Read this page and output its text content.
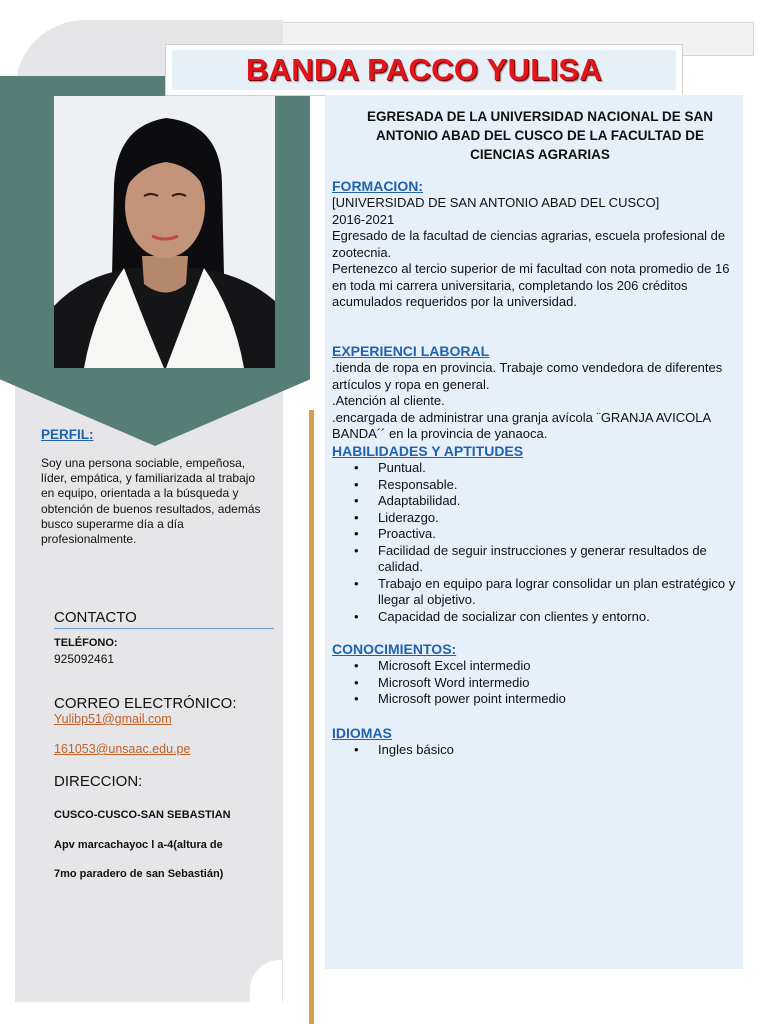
BANDA PACCO YULISA
EGRESADA DE LA UNIVERSIDAD NACIONAL DE SAN ANTONIO ABAD DEL CUSCO DE LA FACULTAD DE CIENCIAS AGRARIAS
FORMACION:

[UNIVERSIDAD DE SAN ANTONIO ABAD DEL CUSCO]

2016-2021

Egresado de la facultad de ciencias agrarias, escuela profesional de zootecnia.

Pertenezco al tercio superior de mi facultad con nota promedio de 16 en toda mi carrera universitaria, completando los 206 créditos acumulados requeridos por la universidad.

EXPERIENCI LABORAL

.tienda de ropa en provincia. Trabaje como vendedora de diferentes artículos y ropa en general.

.Atención al cliente.

.encargada de administrar una granja avícola ¨GRANJA AVICOLA BANDA´´ en la provincia de yanaoca.

HABILIDADES Y APTITUDES
• Puntual.
• Responsable.
• Adaptabilidad.
• Liderazgo.
• Proactiva.
• Facilidad de seguir instrucciones y generar resultados de calidad.
• Trabajo en equipo para lograr consolidar un plan estratégico y llegar al objetivo.
• Capacidad de socializar con clientes y entorno.
CONOCIMIENTOS:
• Microsoft Excel intermedio
• Microsoft Word intermedio
• Microsoft power point intermedio
IDIOMAS
• Ingles básico
PERFIL:

Soy una persona sociable, empeñosa, líder, empática, y familiarizada al trabajo en equipo, orientada a la búsqueda y obtención de buenos resultados, además busco superarme día a día profesionalmente.

CONTACTO
TELÉFONO:
925092461
CORREO ELECTRÓNICO:
Yulibp51@gmail.com
161053@unsaac.edu.pe
DIRECCION:
CUSCO-CUSCO-SAN SEBASTIAN
Apv marcachayoc l a-4(altura de
7mo paradero de san Sebastián)
